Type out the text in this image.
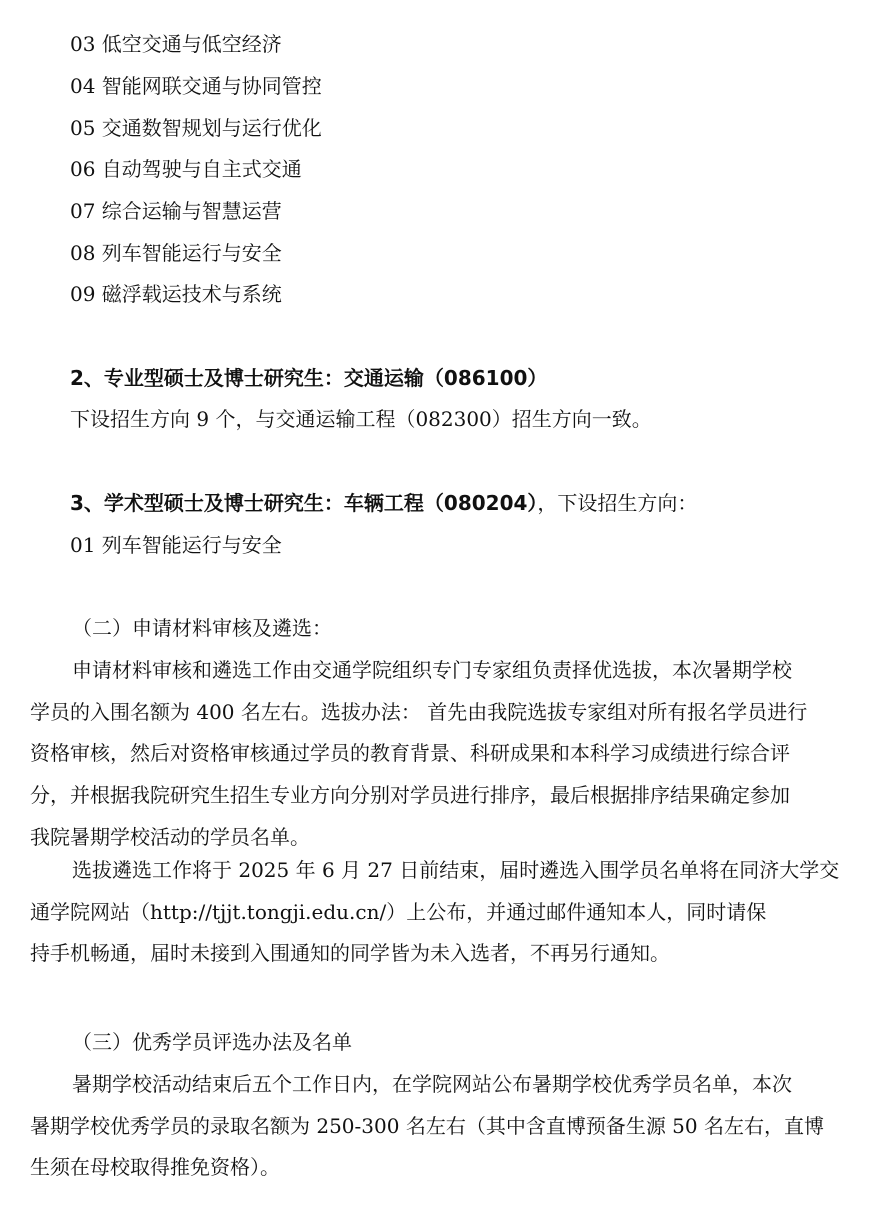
03 低空交通与低空经济

04 智能网联交通与协同管控

05 交通数智规划与运行优化

06 自动驾驶与自主式交通

07 综合运输与智慧运营

08 列车智能运行与安全

09 磁浮载运技术与系统

2、专业型硕士及博士研究生：交通运输（086100）

下设招生方向 9 个，与交通运输工程（082300）招生方向一致。

3、学术型硕士及博士研究生：车辆工程（080204），下设招生方向：

01 列车智能运行与安全

（二）申请材料审核及遴选：

申请材料审核和遴选工作由交通学院组织专门专家组负责择优选拔，本次暑期学校

学员的入围名额为 400 名左右。选拔办法： 首先由我院选拔专家组对所有报名学员进行

资格审核，然后对资格审核通过学员的教育背景、科研成果和本科学习成绩进行综合评

分，并根据我院研究生招生专业方向分别对学员进行排序，最后根据排序结果确定参加

我院暑期学校活动的学员名单。

选拔遴选工作将于 2025 年 6 月 27 日前结束，届时遴选入围学员名单将在同济大学交

通学院网站（http://tjjt.tongji.edu.cn/）上公布，并通过邮件通知本人，同时请保

持手机畅通，届时未接到入围通知的同学皆为未入选者，不再另行通知。

（三）优秀学员评选办法及名单

暑期学校活动结束后五个工作日内，在学院网站公布暑期学校优秀学员名单，本次

暑期学校优秀学员的录取名额为 250-300 名左右（其中含直博预备生源 50 名左右，直博

生须在母校取得推免资格）。
